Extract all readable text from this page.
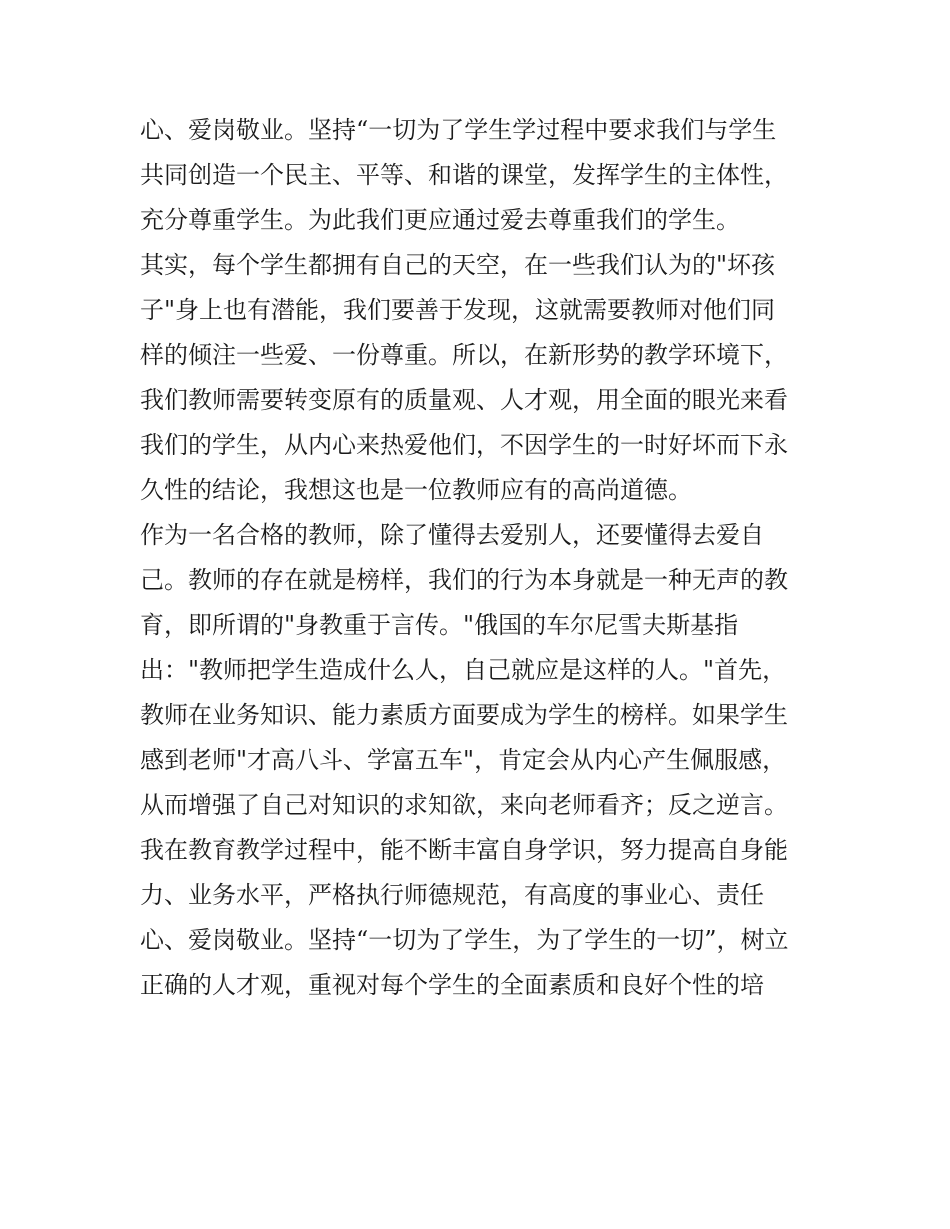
心、爱岗敬业。坚持“一切为了学生学过程中要求我们与学生
共同创造一个民主、平等、和谐的课堂，发挥学生的主体性，
充分尊重学生。为此我们更应通过爱去尊重我们的学生。
其实，每个学生都拥有自己的天空，在一些我们认为的"坏孩
子"身上也有潜能，我们要善于发现，这就需要教师对他们同
样的倾注一些爱、一份尊重。所以，在新形势的教学环境下，
我们教师需要转变原有的质量观、人才观，用全面的眼光来看
我们的学生，从内心来热爱他们，不因学生的一时好坏而下永
久性的结论，我想这也是一位教师应有的高尚道德。
作为一名合格的教师，除了懂得去爱别人，还要懂得去爱自
己。教师的存在就是榜样，我们的行为本身就是一种无声的教
育，即所谓的"身教重于言传。"俄国的车尔尼雪夫斯基指
出："教师把学生造成什么人，自己就应是这样的人。"首先，
教师在业务知识、能力素质方面要成为学生的榜样。如果学生
感到老师"才高八斗、学富五车"，肯定会从内心产生佩服感，
从而增强了自己对知识的求知欲，来向老师看齐；反之逆言。
我在教育教学过程中，能不断丰富自身学识，努力提高自身能
力、业务水平，严格执行师德规范，有高度的事业心、责任
心、爱岗敬业。坚持“一切为了学生，为了学生的一切”，树立
正确的人才观，重视对每个学生的全面素质和良好个性的培
